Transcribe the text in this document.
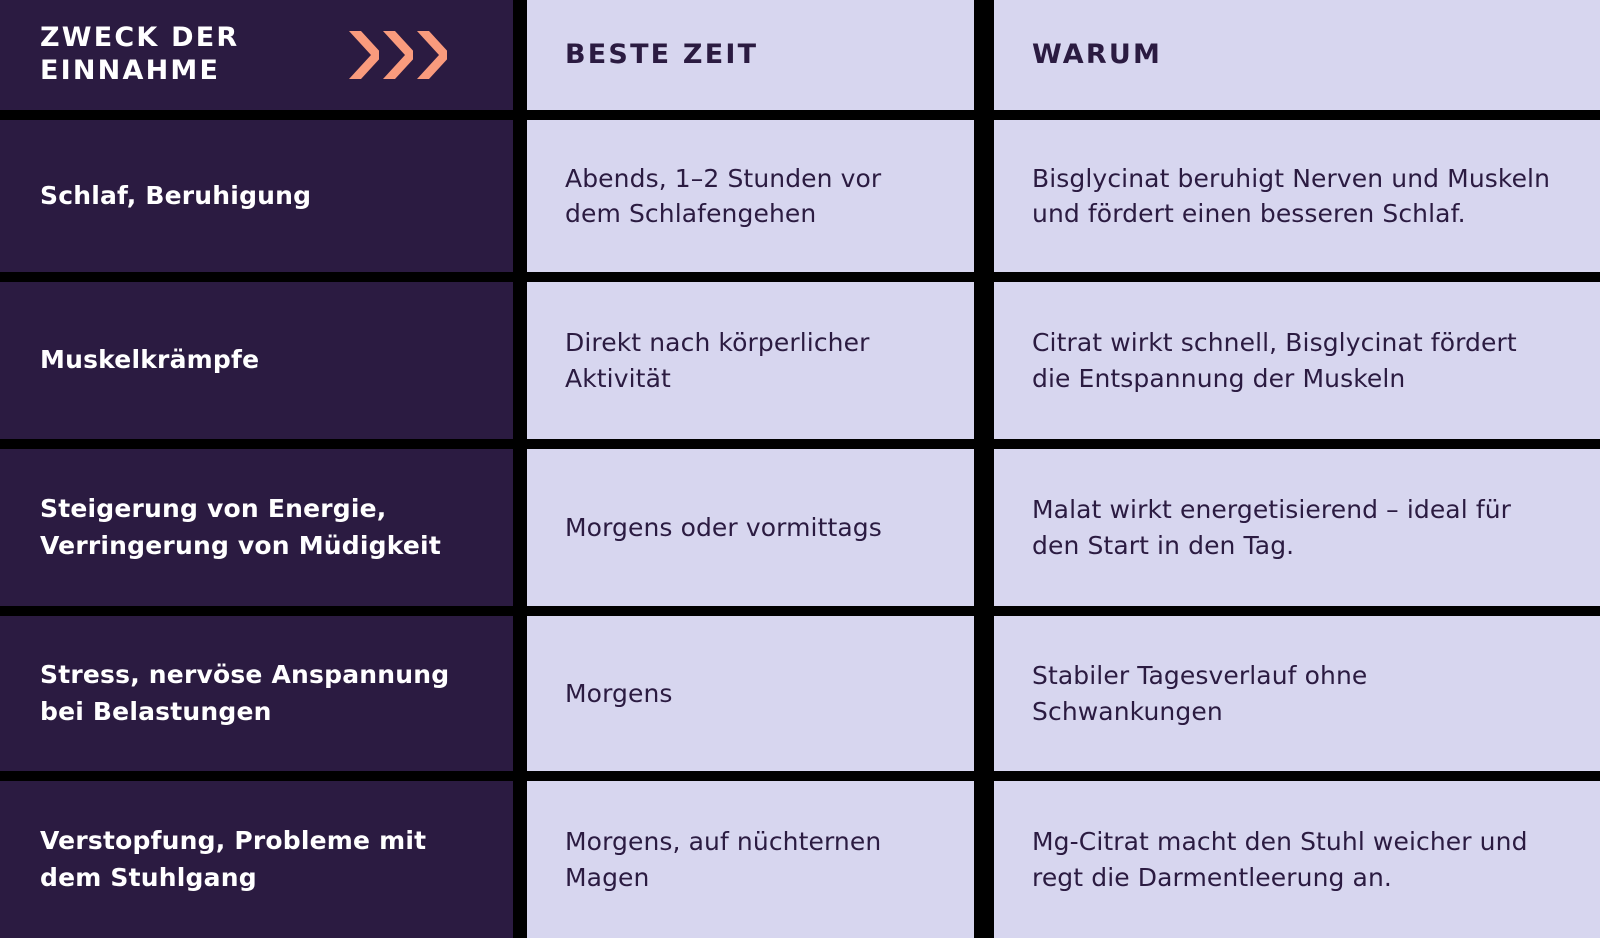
ZWECK DER
EINNAHME
BESTE ZEIT	WARUM
Schlaf, Beruhigung
Abends, 1–2 Stunden vor dem Schlafengehen
Bisglycinat beruhigt Nerven und Muskeln und fördert einen besseren Schlaf.
Muskelkrämpfe
Direkt nach körperlicher Aktivität
Citrat wirkt schnell, Bisglycinat fördert die Entspannung der Muskeln
Steigerung von Energie, Verringerung von Müdigkeit
Morgens oder vormittags
Malat wirkt energetisierend – ideal für den Start in den Tag.
Stress, nervöse Anspannung bei Belastungen
Morgens
Stabiler Tagesverlauf ohne Schwankungen
Verstopfung, Probleme mit dem Stuhlgang
Morgens, auf nüchternen Magen
Mg-Citrat macht den Stuhl weicher und regt die Darmentleerung an.
